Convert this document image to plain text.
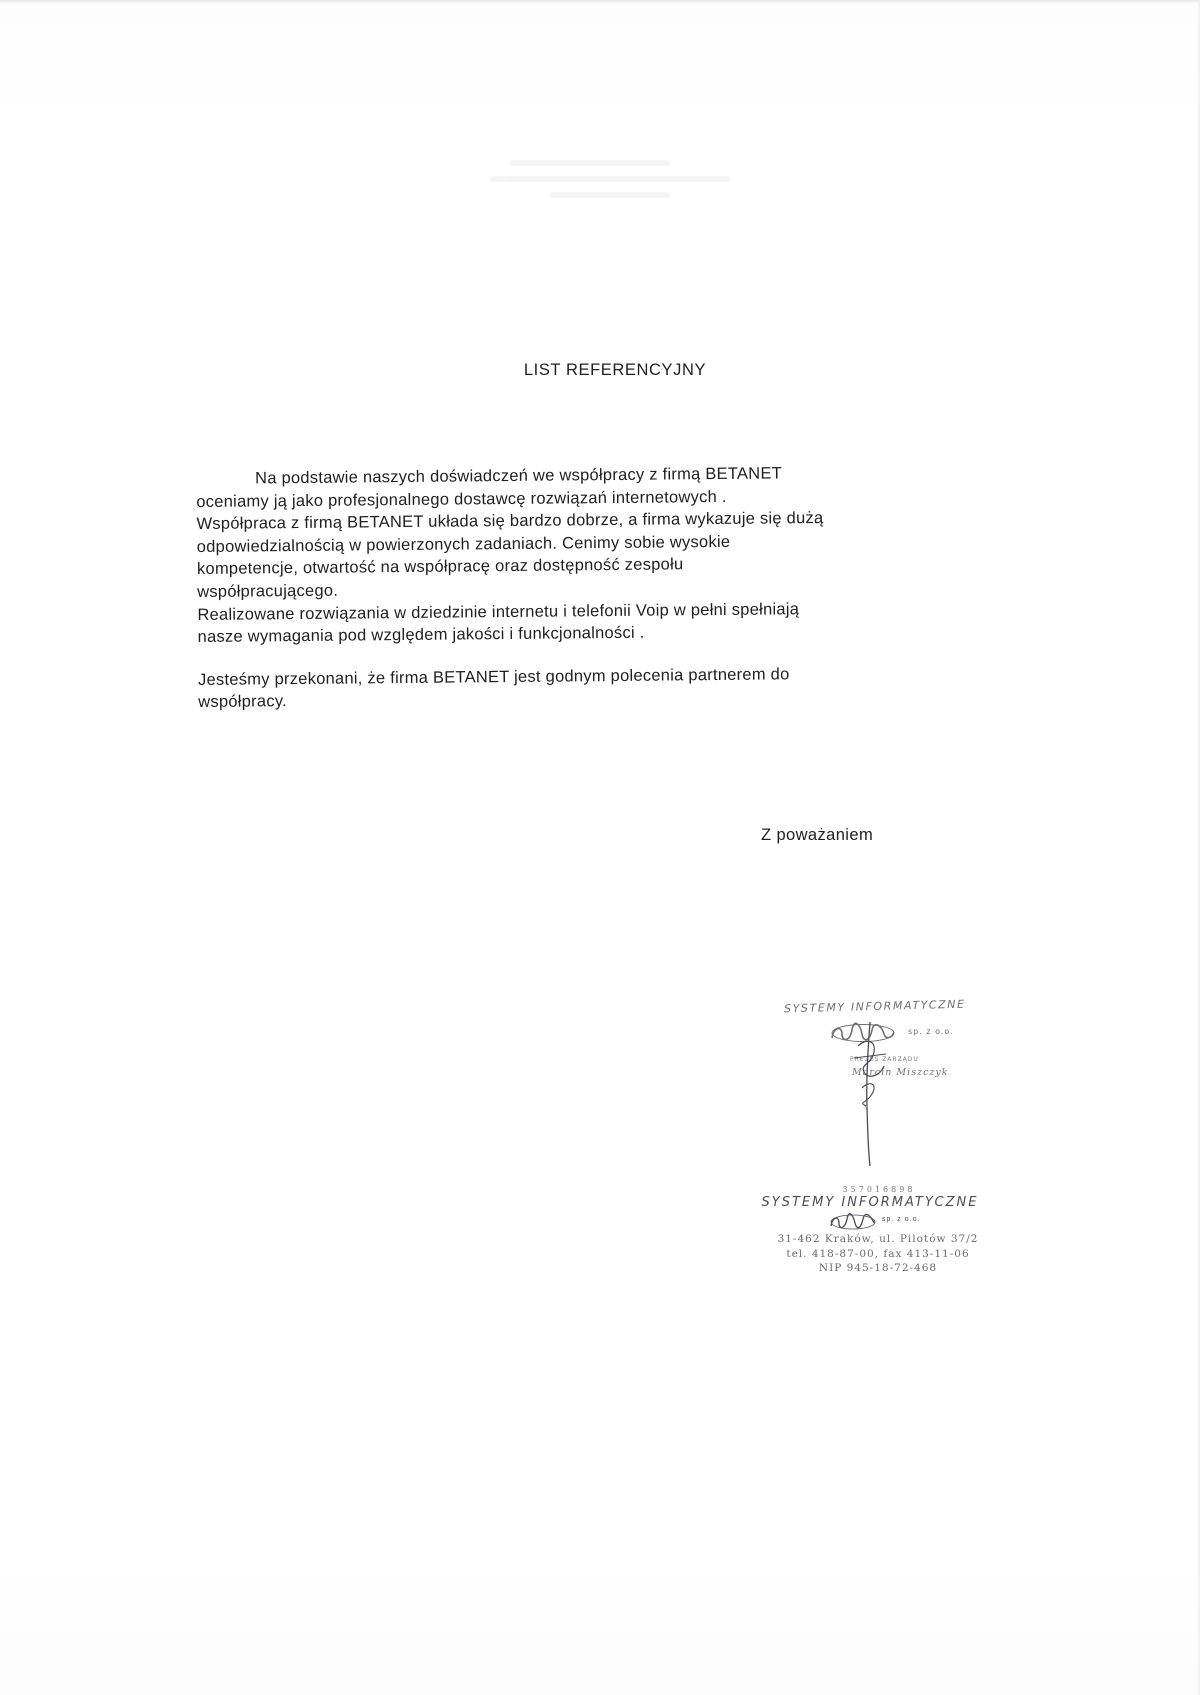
LIST REFERENCYJNY

Na podstawie naszych doświadczeń we współpracy z firmą BETANET

oceniamy ją jako profesjonalnego dostawcę rozwiązań internetowych .

Współpraca z firmą BETANET układa się bardzo dobrze, a firma wykazuje się dużą

odpowiedzialnością w powierzonych zadaniach. Cenimy sobie wysokie

kompetencje, otwartość na współpracę oraz dostępność zespołu

współpracującego.

Realizowane rozwiązania w dziedzinie internetu i telefonii Voip w pełni spełniają

nasze wymagania pod względem jakości i funkcjonalności .

Jesteśmy przekonani, że firma BETANET jest godnym polecenia partnerem do

współpracy.

Z poważaniem
SYSTEMY INFORMATYCZNE
sp. z o.o.
PREZES ZARZĄDU
Marcin Miszczyk
357016898
SYSTEMY INFORMATYCZNE
sp. z o.o.
31-462 Kraków, ul. Pilotów 37/2
tel. 418-87-00, fax 413-11-06
NIP 945-18-72-468
